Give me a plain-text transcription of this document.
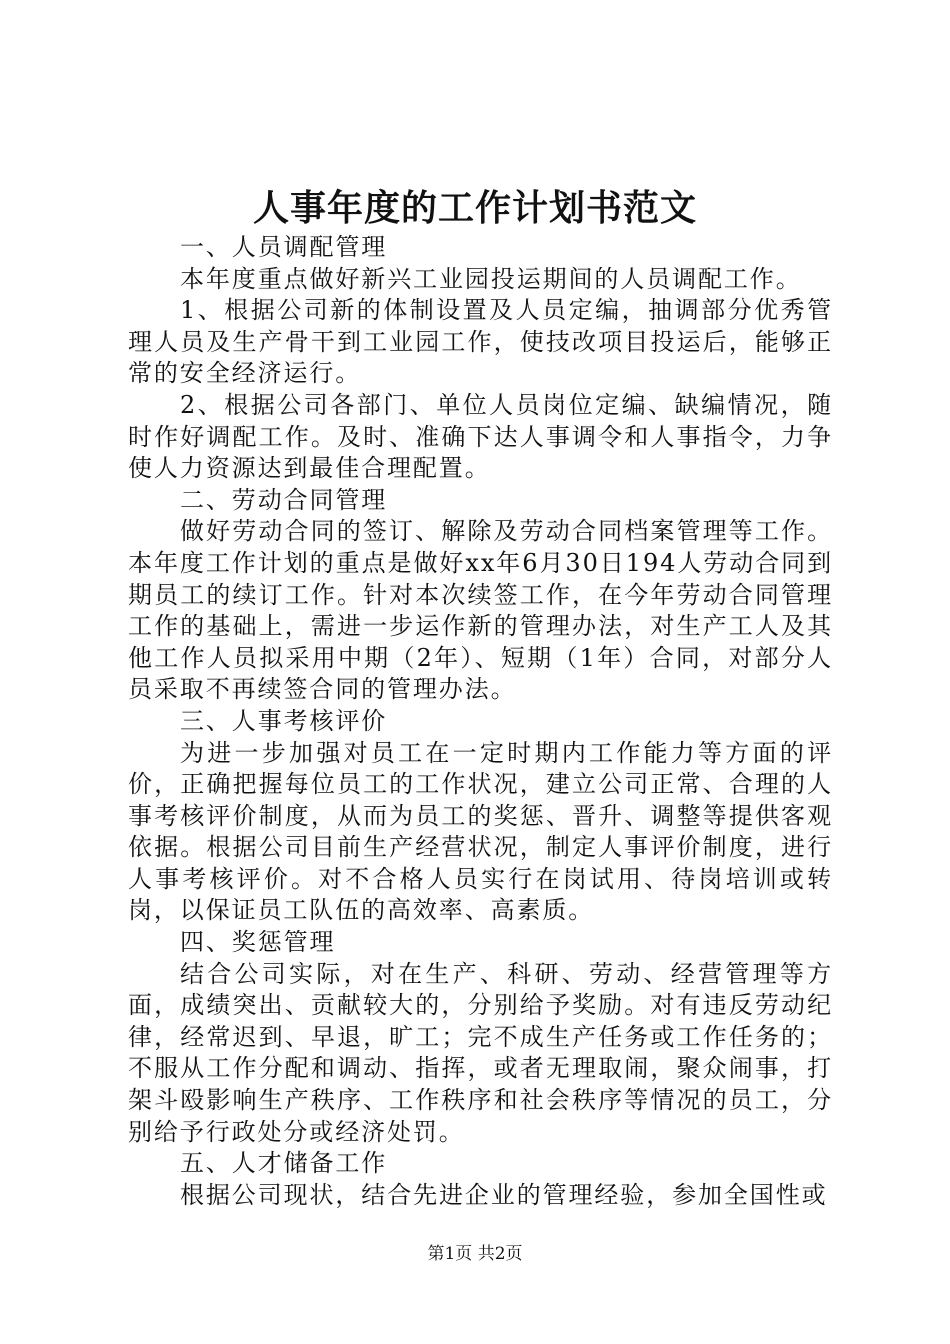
人事年度的工作计划书范文

一、人员调配管理

本年度重点做好新兴工业园投运期间的人员调配工作。

1、根据公司新的体制设置及人员定编，抽调部分优秀管理人员及生产骨干到工业园工作，使技改项目投运后，能够正常的安全经济运行。

2、根据公司各部门、单位人员岗位定编、缺编情况，随时作好调配工作。及时、准确下达人事调令和人事指令，力争使人力资源达到最佳合理配置。

二、劳动合同管理

做好劳动合同的签订、解除及劳动合同档案管理等工作。本年度工作计划的重点是做好xx年6月30日194人劳动合同到期员工的续订工作。针对本次续签工作，在今年劳动合同管理工作的基础上，需进一步运作新的管理办法，对生产工人及其他工作人员拟采用中期（2年）、短期（1年）合同，对部分人员采取不再续签合同的管理办法。

三、人事考核评价

为进一步加强对员工在一定时期内工作能力等方面的评价，正确把握每位员工的工作状况，建立公司正常、合理的人事考核评价制度，从而为员工的奖惩、晋升、调整等提供客观依据。根据公司目前生产经营状况，制定人事评价制度，进行人事考核评价。对不合格人员实行在岗试用、待岗培训或转岗，以保证员工队伍的高效率、高素质。

四、奖惩管理

结合公司实际，对在生产、科研、劳动、经营管理等方面，成绩突出、贡献较大的，分别给予奖励。对有违反劳动纪律，经常迟到、早退，旷工；完不成生产任务或工作任务的；不服从工作分配和调动、指挥，或者无理取闹，聚众闹事，打架斗殴影响生产秩序、工作秩序和社会秩序等情况的员工，分别给予行政处分或经济处罚。

五、人才储备工作

根据公司现状，结合先进企业的管理经验，参加全国性或

第1页 共2页
